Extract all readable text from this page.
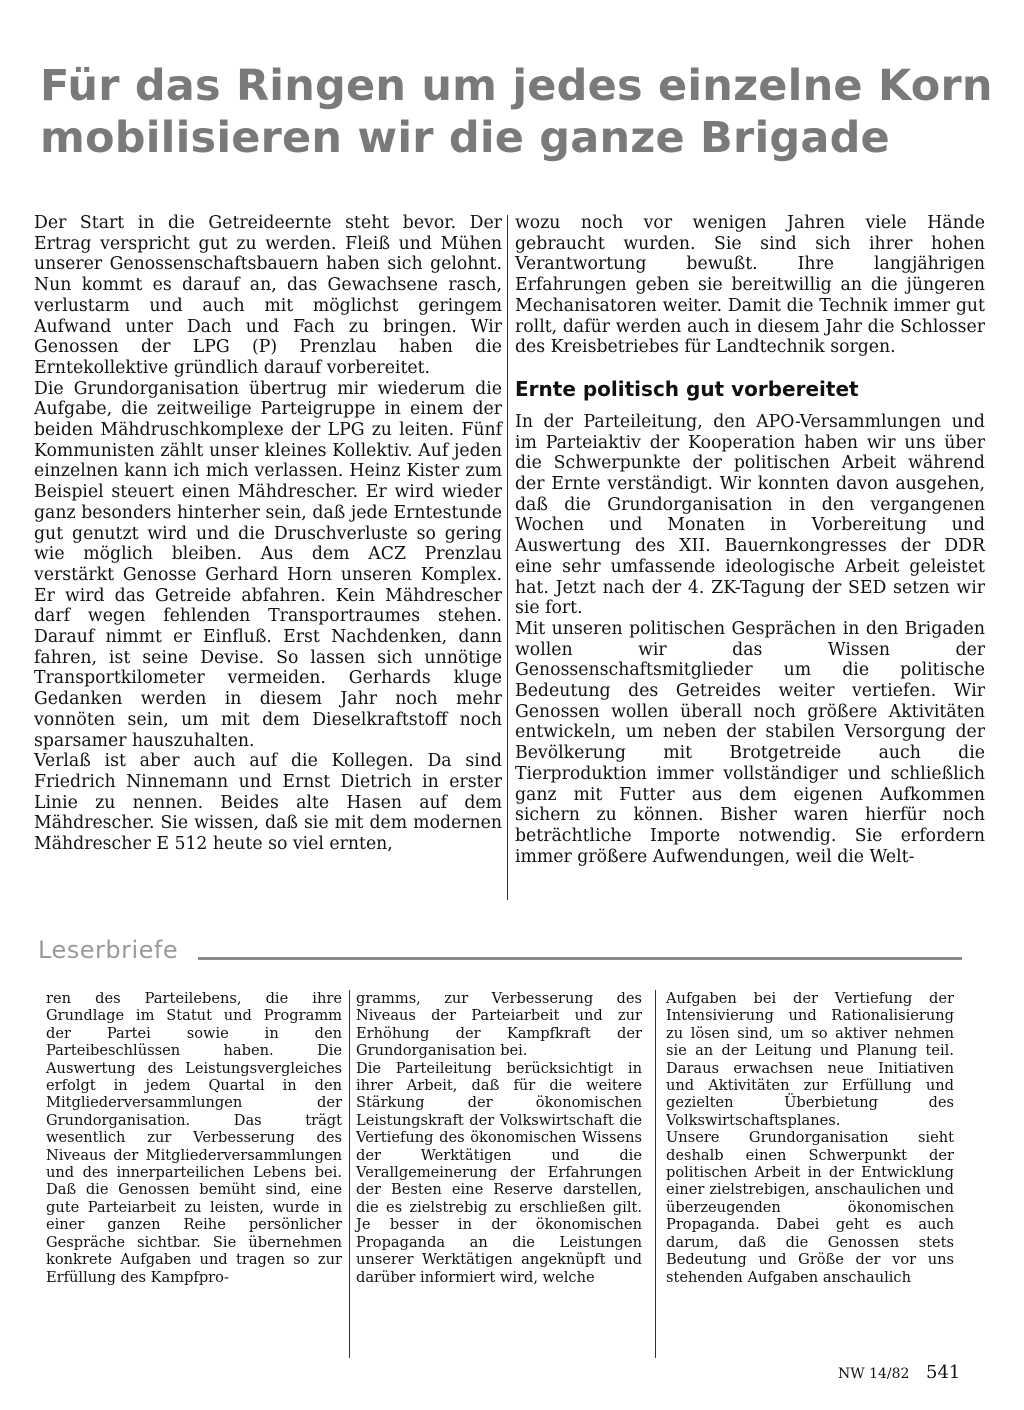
Für das Ringen um jedes einzelne Korn
mobilisieren wir die ganze Brigade

Der Start in die Getreideernte steht bevor. Der Ertrag verspricht gut zu werden. Fleiß und Mühen unserer Genossenschaftsbauern haben sich gelohnt. Nun kommt es darauf an, das Gewachsene rasch, verlustarm und auch mit möglichst geringem Aufwand unter Dach und Fach zu bringen. Wir Genossen der LPG (P) Prenzlau haben die Erntekollektive gründlich darauf vorbereitet.

Die Grundorganisation übertrug mir wiederum die Aufgabe, die zeitweilige Parteigruppe in einem der beiden Mähdruschkomplexe der LPG zu leiten. Fünf Kommunisten zählt unser kleines Kollektiv. Auf jeden einzelnen kann ich mich verlassen. Heinz Kister zum Beispiel steuert einen Mähdrescher. Er wird wieder ganz besonders hinterher sein, daß jede Erntestunde gut genutzt wird und die Druschverluste so gering wie möglich bleiben. Aus dem ACZ Prenzlau verstärkt Genosse Gerhard Horn unseren Komplex. Er wird das Getreide abfahren. Kein Mähdrescher darf wegen fehlenden Transportraumes stehen. Darauf nimmt er Einfluß. Erst Nachdenken, dann fahren, ist seine Devise. So lassen sich unnötige Transportkilometer vermeiden. Gerhards kluge Gedanken werden in diesem Jahr noch mehr vonnöten sein, um mit dem Dieselkraftstoff noch sparsamer hauszuhalten.

Verlaß ist aber auch auf die Kollegen. Da sind Friedrich Ninnemann und Ernst Dietrich in erster Linie zu nennen. Beides alte Hasen auf dem Mähdrescher. Sie wissen, daß sie mit dem modernen Mähdrescher E 512 heute so viel ernten,

wozu noch vor wenigen Jahren viele Hände gebraucht wurden. Sie sind sich ihrer hohen Verantwortung bewußt. Ihre langjährigen Erfahrungen geben sie bereitwillig an die jüngeren Mechanisatoren weiter. Damit die Technik immer gut rollt, dafür werden auch in diesem Jahr die Schlosser des Kreisbetriebes für Landtechnik sorgen.

Ernte politisch gut vorbereitet

In der Parteileitung, den APO-Versammlungen und im Parteiaktiv der Kooperation haben wir uns über die Schwerpunkte der politischen Arbeit während der Ernte verständigt. Wir konnten davon ausgehen, daß die Grundorganisation in den vergangenen Wochen und Monaten in Vorbereitung und Auswertung des XII. Bauernkongresses der DDR eine sehr umfassende ideologische Arbeit geleistet hat. Jetzt nach der 4. ZK-Tagung der SED setzen wir sie fort.

Mit unseren politischen Gesprächen in den Brigaden wollen wir das Wissen der Genossenschaftsmitglieder um die politische Bedeutung des Getreides weiter vertiefen. Wir Genossen wollen überall noch größere Aktivitäten entwickeln, um neben der stabilen Versorgung der Bevölkerung mit Brotgetreide auch die Tierproduktion immer vollständiger und schließlich ganz mit Futter aus dem eigenen Aufkommen sichern zu können. Bisher waren hierfür noch beträchtliche Importe notwendig. Sie erfordern immer größere Aufwendungen, weil die Welt-

Leserbriefe

ren des Parteilebens, die ihre Grundlage im Statut und Programm der Partei sowie in den Parteibeschlüssen haben. Die Auswertung des Leistungsvergleiches erfolgt in jedem Quartal in den Mitgliederversammlungen der Grundorganisation. Das trägt wesentlich zur Verbesserung des Niveaus der Mitgliederversammlungen und des innerparteilichen Lebens bei. Daß die Genossen bemüht sind, eine gute Parteiarbeit zu leisten, wurde in einer ganzen Reihe persönlicher Gespräche sichtbar. Sie übernehmen konkrete Aufgaben und tragen so zur Erfüllung des Kampfpro-

gramms, zur Verbesserung des Niveaus der Parteiarbeit und zur Erhöhung der Kampfkraft der Grundorganisation bei.

Die Parteileitung berücksichtigt in ihrer Arbeit, daß für die weitere Stärkung der ökonomischen Leistungskraft der Volkswirtschaft die Vertiefung des ökonomischen Wissens der Werktätigen und die Verallgemeinerung der Erfahrungen der Besten eine Reserve darstellen, die es zielstrebig zu erschließen gilt. Je besser in der ökonomischen Propaganda an die Leistungen unserer Werktätigen angeknüpft und darüber informiert wird, welche

Aufgaben bei der Vertiefung der Intensivierung und Rationalisierung zu lösen sind, um so aktiver nehmen sie an der Leitung und Planung teil. Daraus erwachsen neue Initiativen und Aktivitäten zur Erfüllung und gezielten Überbietung des Volkswirtschaftsplanes.

Unsere Grundorganisation sieht deshalb einen Schwerpunkt der politischen Arbeit in der Entwicklung einer zielstrebigen, anschaulichen und überzeugenden ökonomischen Propaganda. Dabei geht es auch darum, daß die Genossen stets Bedeutung und Größe der vor uns stehenden Aufgaben anschaulich

NW 14/82 541
